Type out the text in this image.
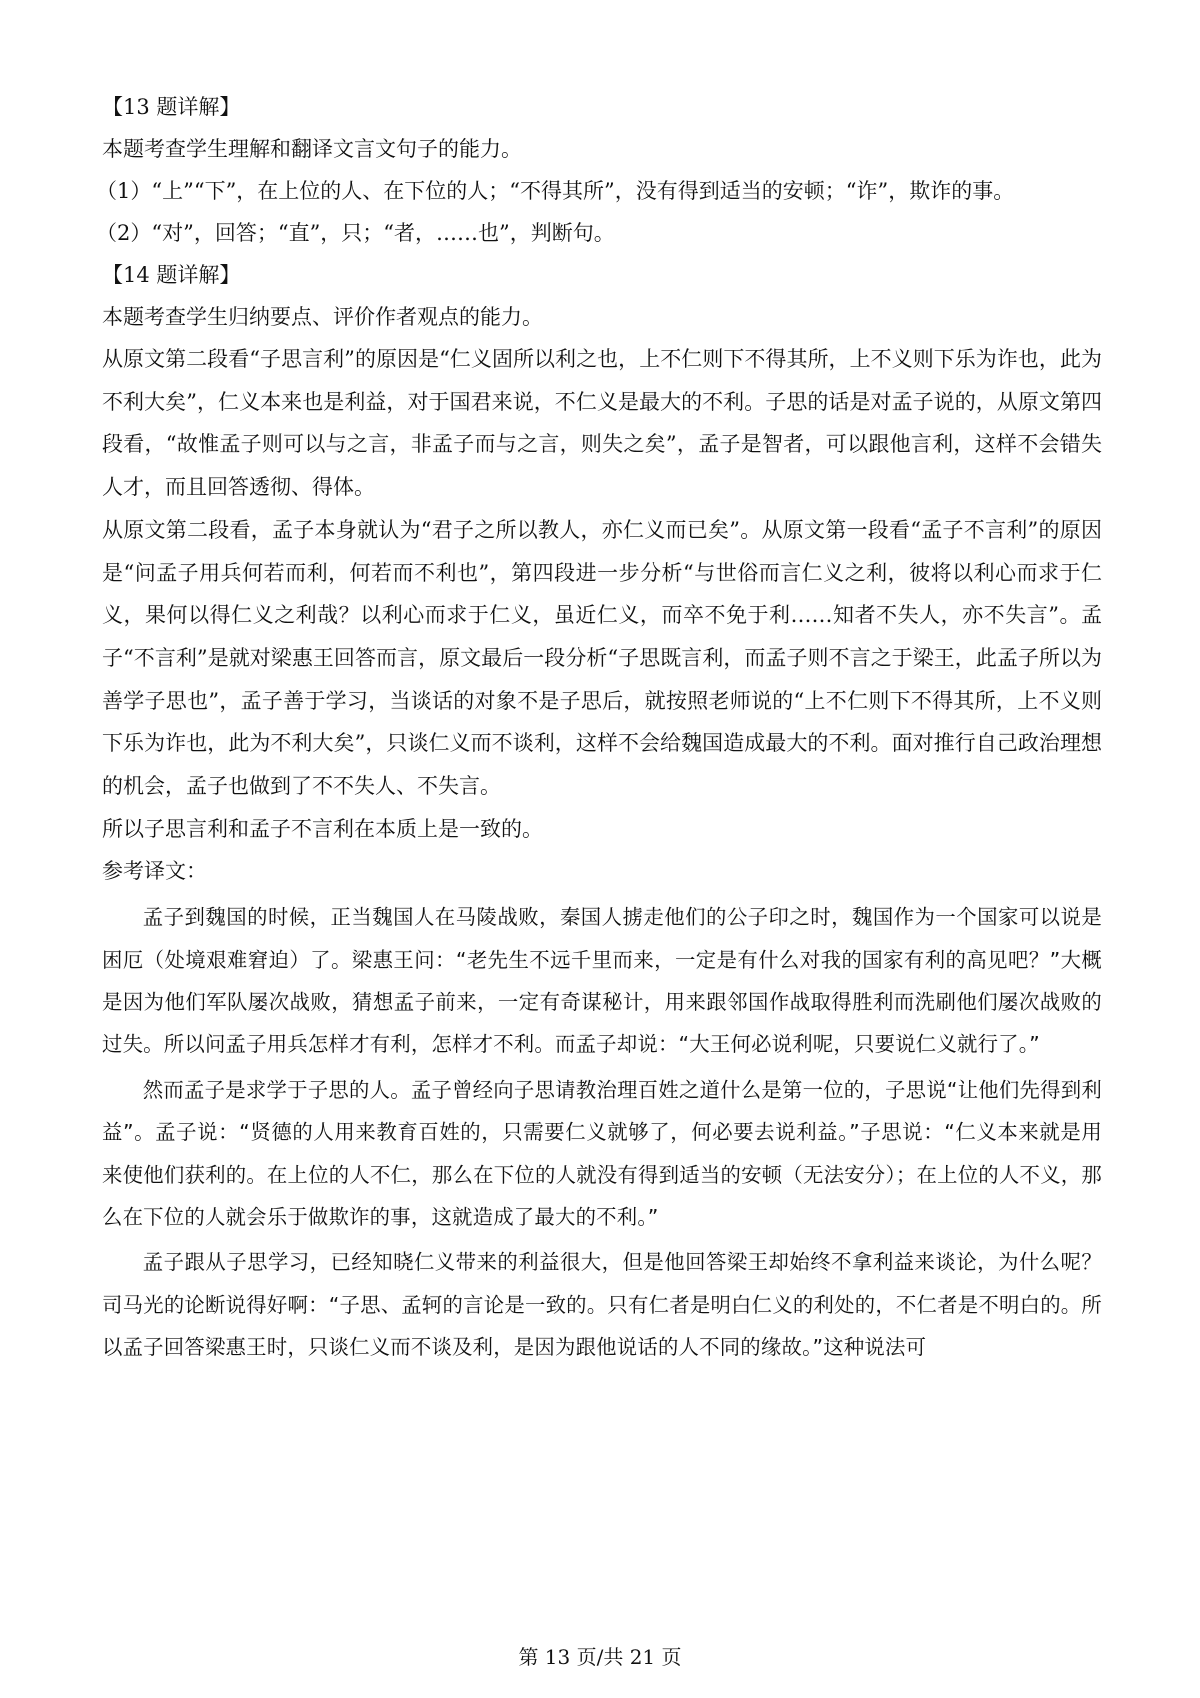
【13 题详解】

本题考查学生理解和翻译文言文句子的能力。

（1）“上”“下”，在上位的人、在下位的人；“不得其所”，没有得到适当的安顿；“诈”，欺诈的事。

（2）“对”，回答；“直”，只；“者，……也”，判断句。

【14 题详解】

本题考查学生归纳要点、评价作者观点的能力。

从原文第二段看“子思言利”的原因是“仁义固所以利之也，上不仁则下不得其所，上不义则下乐为诈也，此为不利大矣”，仁义本来也是利益，对于国君来说，不仁义是最大的不利。子思的话是对孟子说的，从原文第四段看，“故惟孟子则可以与之言，非孟子而与之言，则失之矣”，孟子是智者，可以跟他言利，这样不会错失人才，而且回答透彻、得体。

从原文第二段看，孟子本身就认为“君子之所以教人，亦仁义而已矣”。从原文第一段看“孟子不言利”的原因是“问孟子用兵何若而利，何若而不利也”，第四段进一步分析“与世俗而言仁义之利，彼将以利心而求于仁义，果何以得仁义之利哉？以利心而求于仁义，虽近仁义，而卒不免于利……知者不失人，亦不失言”。孟子“不言利”是就对梁惠王回答而言，原文最后一段分析“子思既言利，而孟子则不言之于梁王，此孟子所以为善学子思也”，孟子善于学习，当谈话的对象不是子思后，就按照老师说的“上不仁则下不得其所，上不义则下乐为诈也，此为不利大矣”，只谈仁义而不谈利，这样不会给魏国造成最大的不利。面对推行自己政治理想的机会，孟子也做到了不不失人、不失言。

所以子思言利和孟子不言利在本质上是一致的。

参考译文：

孟子到魏国的时候，正当魏国人在马陵战败，秦国人掳走他们的公子印之时，魏国作为一个国家可以说是困厄（处境艰难窘迫）了。梁惠王问：“老先生不远千里而来，一定是有什么对我的国家有利的高见吧？”大概是因为他们军队屡次战败，猜想孟子前来，一定有奇谋秘计，用来跟邻国作战取得胜利而洗刷他们屡次战败的过失。所以问孟子用兵怎样才有利，怎样才不利。而孟子却说：“大王何必说利呢，只要说仁义就行了。”

然而孟子是求学于子思的人。孟子曾经向子思请教治理百姓之道什么是第一位的，子思说“让他们先得到利益”。孟子说：“贤德的人用来教育百姓的，只需要仁义就够了，何必要去说利益。”子思说：“仁义本来就是用来使他们获利的。在上位的人不仁，那么在下位的人就没有得到适当的安顿（无法安分）；在上位的人不义，那么在下位的人就会乐于做欺诈的事，这就造成了最大的不利。”

孟子跟从子思学习，已经知晓仁义带来的利益很大，但是他回答梁王却始终不拿利益来谈论，为什么呢？司马光的论断说得好啊：“子思、孟轲的言论是一致的。只有仁者是明白仁义的利处的，不仁者是不明白的。所以孟子回答梁惠王时，只谈仁义而不谈及利，是因为跟他说话的人不同的缘故。”这种说法可

第 13 页/共 21 页
